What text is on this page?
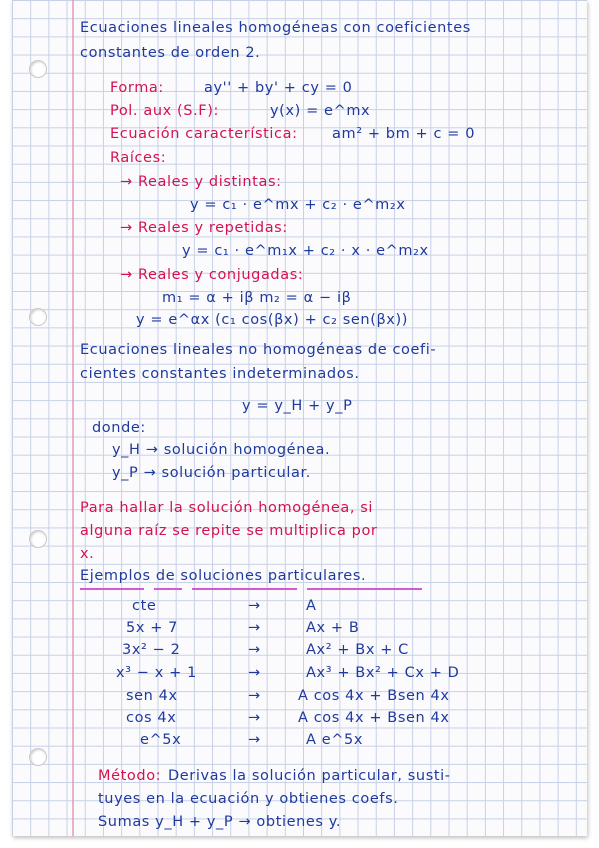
Ecuaciones lineales homogéneas con coeficientes
constantes de orden 2.
Forma:	ay'' + by' + cy = 0
Pol. aux (S.F):	y(x) = e^mx
Ecuación característica: am² + bm + c = 0
Raíces:
→ Reales y distintas:
y = c₁ · e^mx + c₂ · e^m₂x
→ Reales y repetidas:
y = c₁ · e^m₁x + c₂ · x · e^m₂x
→ Reales y conjugadas:
m₁ = α + iβ m₂ = α − iβ
y = e^αx (c₁ cos(βx) + c₂ sen(βx))
Ecuaciones lineales no homogéneas de coefi-
cientes constantes indeterminados.
y = y_H + y_P
donde:
y_H → solución homogénea.
y_P → solución particular.
Para hallar la solución homogénea, si
alguna raíz se repite se multiplica por
x.
Ejemplos de soluciones particulares.
cte	→	A
5x + 7	→	Ax + B
3x² − 2	→	Ax² + Bx + C
x³ − x + 1	→	Ax³ + Bx² + Cx + D
sen 4x	→	A cos 4x + Bsen 4x
cos 4x	→	A cos 4x + Bsen 4x
e^5x	→	A e^5x
Método: Derivas la solución particular, susti-
tuyes en la ecuación y obtienes coefs.
Sumas y_H + y_P → obtienes y.
